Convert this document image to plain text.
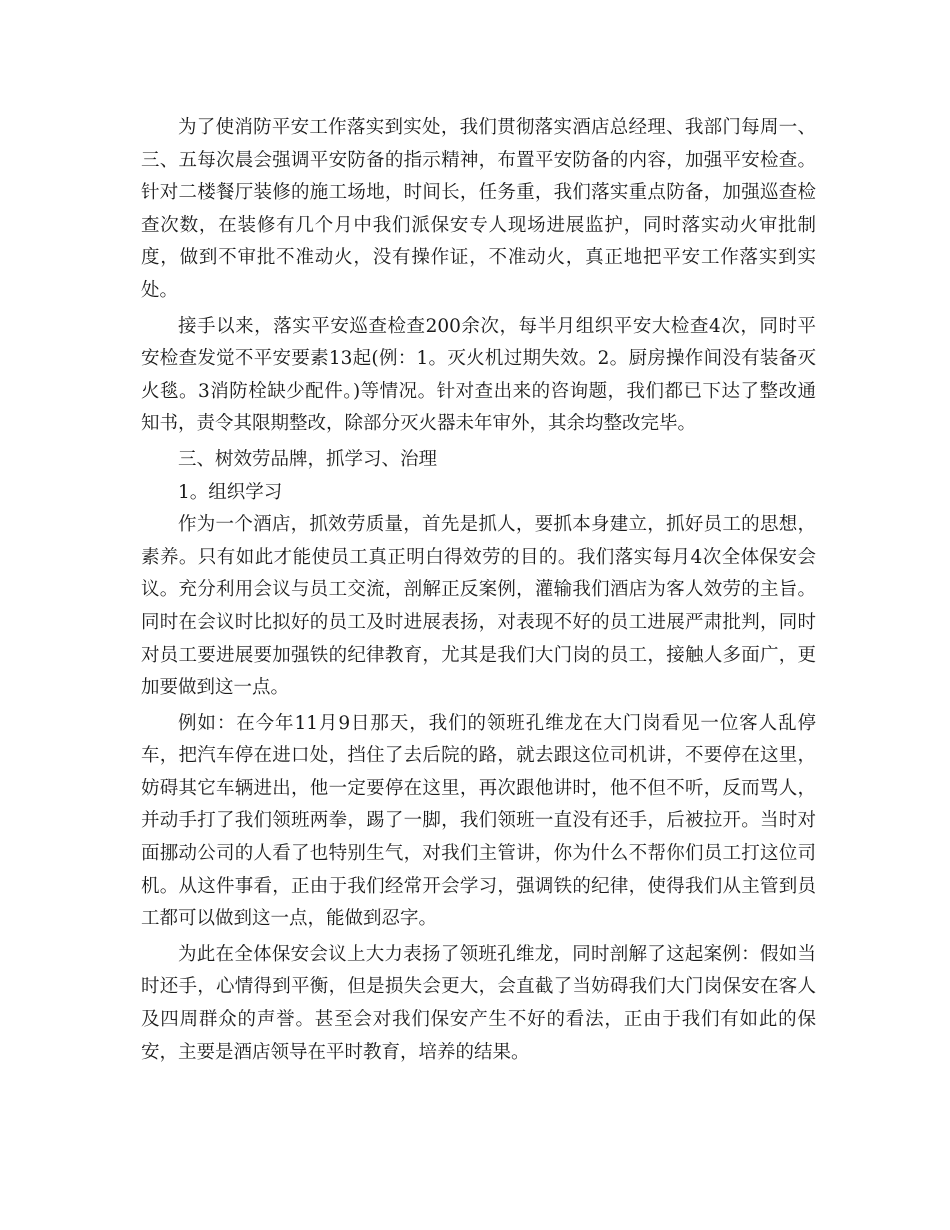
为了使消防平安工作落实到实处，我们贯彻落实酒店总经理、我部门每周一、三、五每次晨会强调平安防备的指示精神，布置平安防备的内容，加强平安检查。针对二楼餐厅装修的施工场地，时间长，任务重，我们落实重点防备，加强巡查检查次数，在装修有几个月中我们派保安专人现场进展监护，同时落实动火审批制度，做到不审批不准动火，没有操作证，不准动火，真正地把平安工作落实到实处。

接手以来，落实平安巡查检查200余次，每半月组织平安大检查4次，同时平安检查发觉不平安要素13起(例：1。灭火机过期失效。2。厨房操作间没有装备灭火毯。3消防栓缺少配件。)等情况。针对查出来的咨询题，我们都已下达了整改通知书，责令其限期整改，除部分灭火器未年审外，其余均整改完毕。

三、树效劳品牌，抓学习、治理

1。组织学习

作为一个酒店，抓效劳质量，首先是抓人，要抓本身建立，抓好员工的思想，素养。只有如此才能使员工真正明白得效劳的目的。我们落实每月4次全体保安会议。充分利用会议与员工交流，剖解正反案例，灌输我们酒店为客人效劳的主旨。同时在会议时比拟好的员工及时进展表扬，对表现不好的员工进展严肃批判，同时对员工要进展要加强铁的纪律教育，尤其是我们大门岗的员工，接触人多面广，更加要做到这一点。

例如：在今年11月9日那天，我们的领班孔维龙在大门岗看见一位客人乱停车，把汽车停在进口处，挡住了去后院的路，就去跟这位司机讲，不要停在这里，妨碍其它车辆进出，他一定要停在这里，再次跟他讲时，他不但不听，反而骂人，并动手打了我们领班两拳，踢了一脚，我们领班一直没有还手，后被拉开。当时对面挪动公司的人看了也特别生气，对我们主管讲，你为什么不帮你们员工打这位司机。从这件事看，正由于我们经常开会学习，强调铁的纪律，使得我们从主管到员工都可以做到这一点，能做到忍字。

为此在全体保安会议上大力表扬了领班孔维龙，同时剖解了这起案例：假如当时还手，心情得到平衡，但是损失会更大，会直截了当妨碍我们大门岗保安在客人及四周群众的声誉。甚至会对我们保安产生不好的看法，正由于我们有如此的保安，主要是酒店领导在平时教育，培养的结果。
